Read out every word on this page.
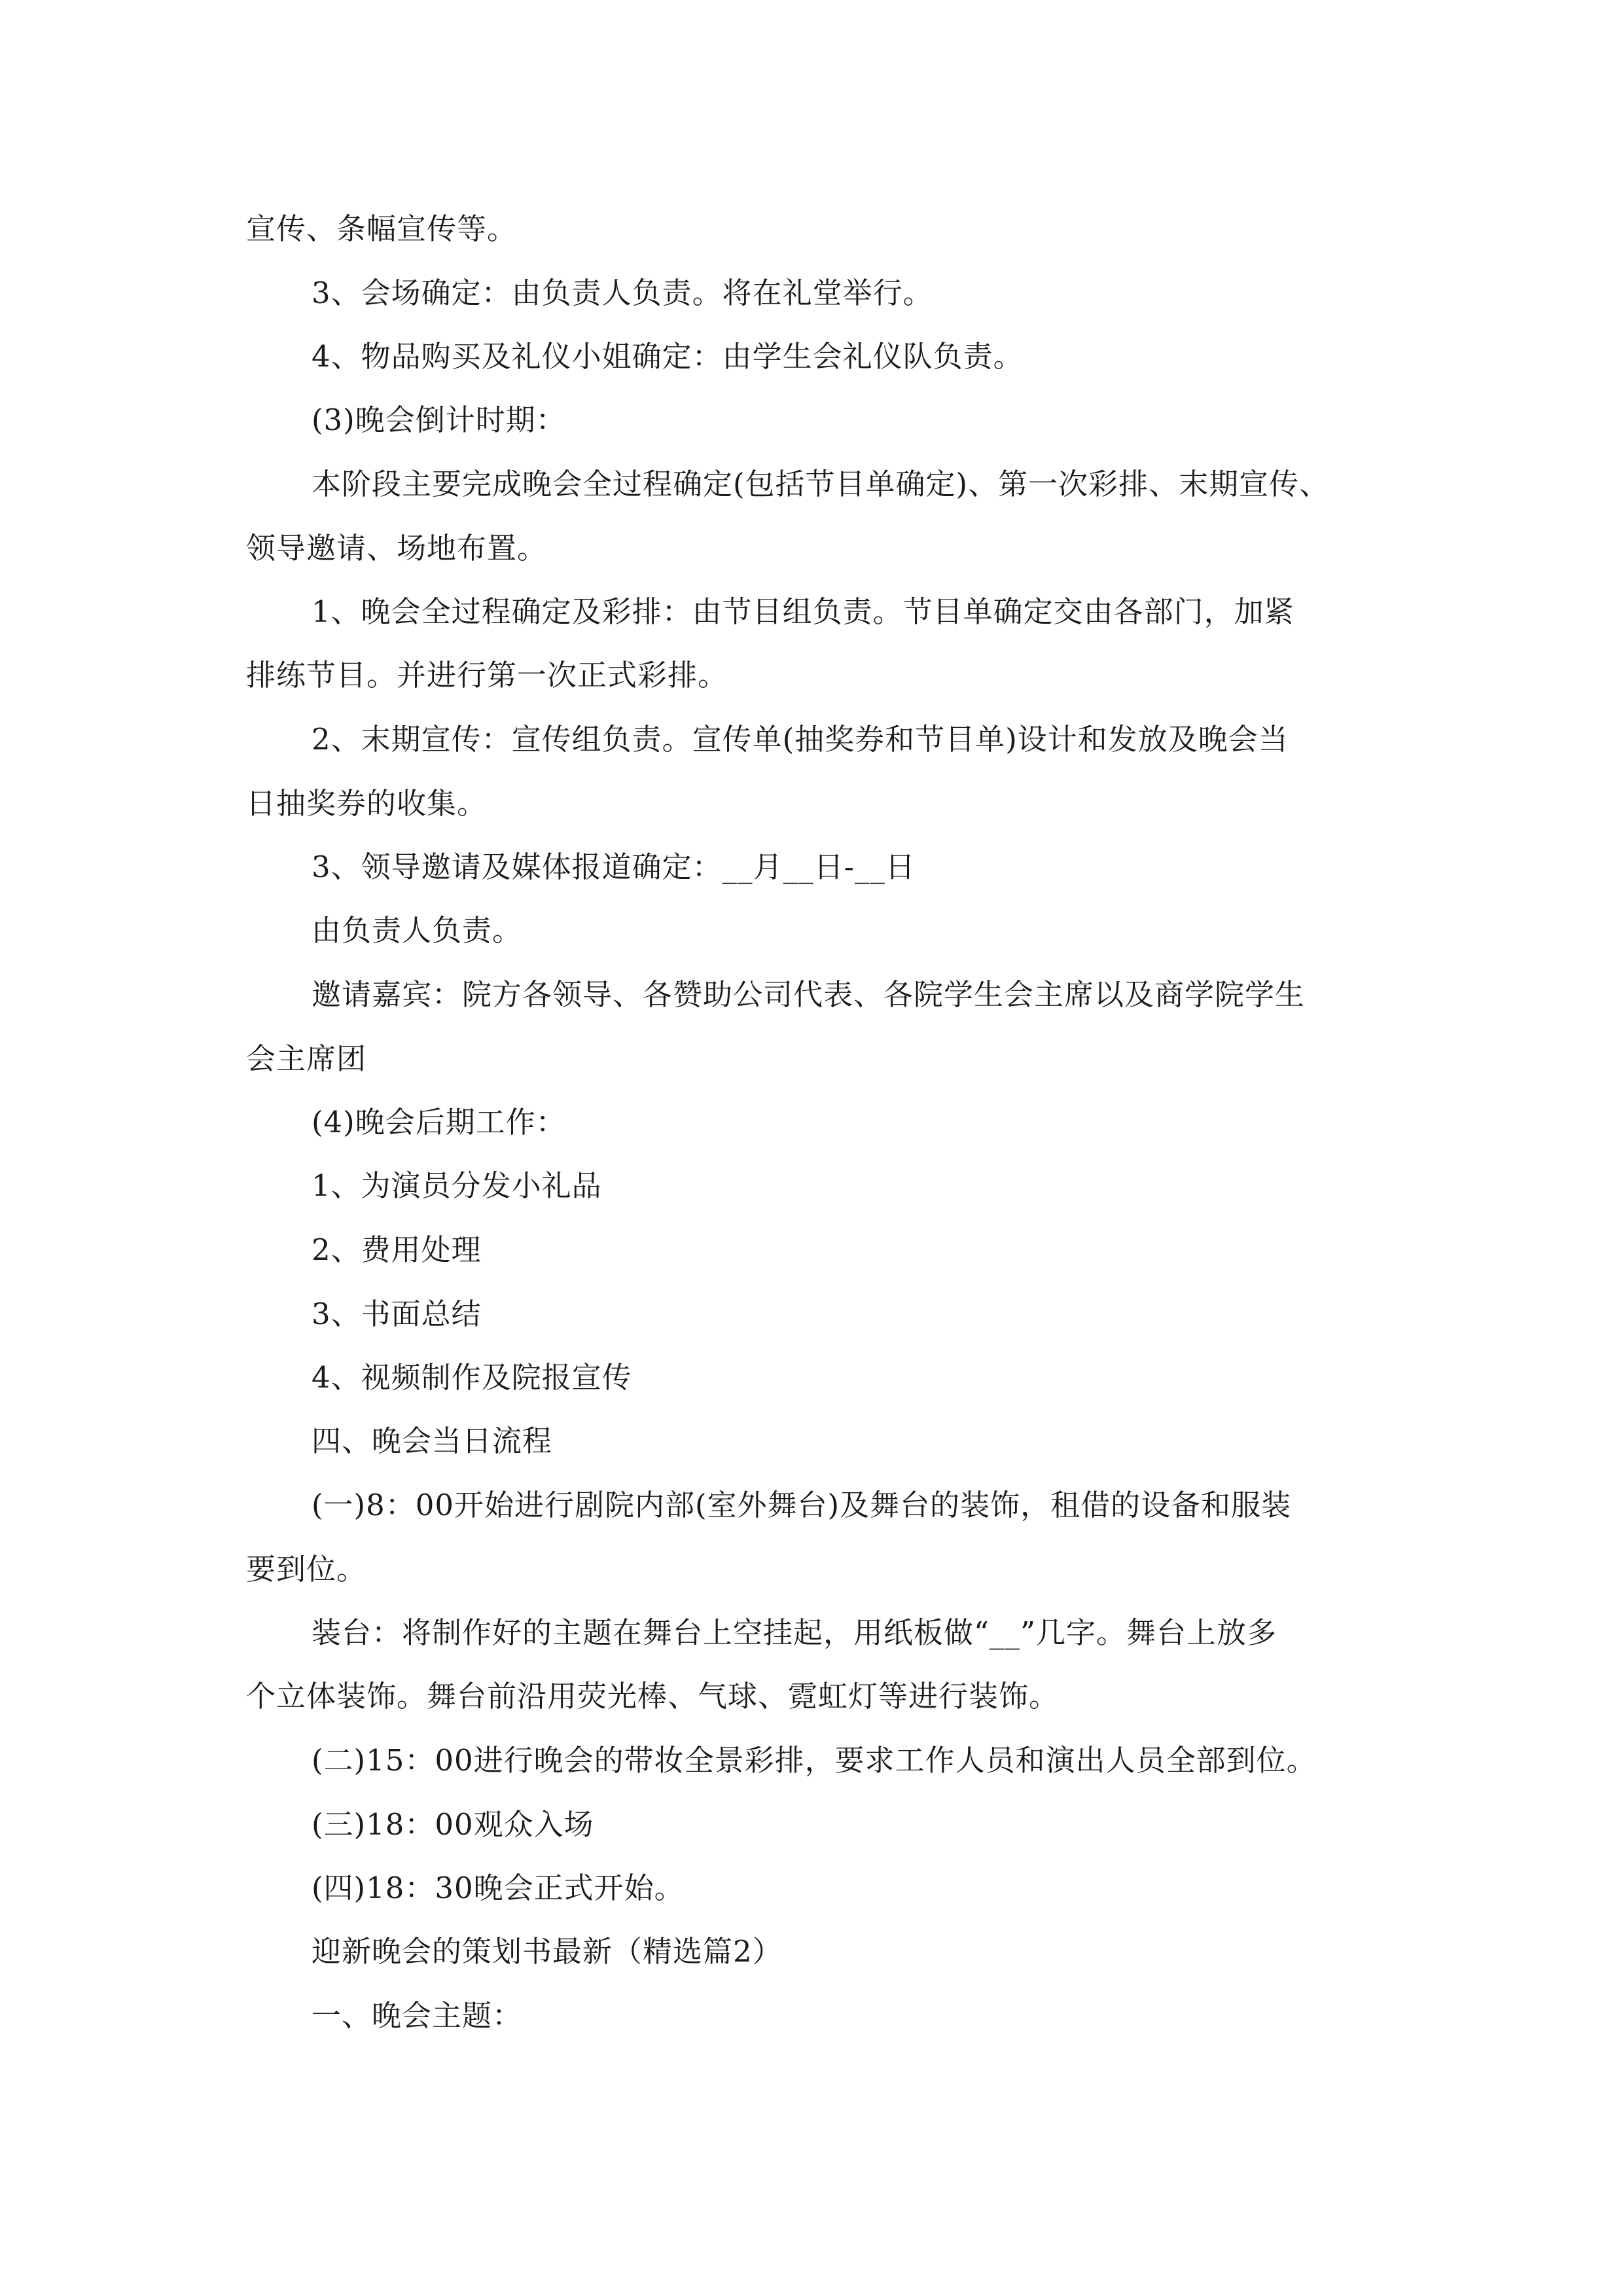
宣传、条幅宣传等。
3、会场确定：由负责人负责。将在礼堂举行。
4、物品购买及礼仪小姐确定：由学生会礼仪队负责。
(3)晚会倒计时期：
本阶段主要完成晚会全过程确定(包括节目单确定)、第一次彩排、末期宣传、
领导邀请、场地布置。
1、晚会全过程确定及彩排：由节目组负责。节目单确定交由各部门，加紧
排练节目。并进行第一次正式彩排。
2、末期宣传：宣传组负责。宣传单(抽奖券和节目单)设计和发放及晚会当
日抽奖券的收集。
3、领导邀请及媒体报道确定：__月__日-__日
由负责人负责。
邀请嘉宾：院方各领导、各赞助公司代表、各院学生会主席以及商学院学生
会主席团
(4)晚会后期工作：
1、为演员分发小礼品
2、费用处理
3、书面总结
4、视频制作及院报宣传
四、晚会当日流程
(一)8：00开始进行剧院内部(室外舞台)及舞台的装饰，租借的设备和服装
要到位。
装台：将制作好的主题在舞台上空挂起，用纸板做“__”几字。舞台上放多
个立体装饰。舞台前沿用荧光棒、气球、霓虹灯等进行装饰。
(二)15：00进行晚会的带妆全景彩排，要求工作人员和演出人员全部到位。
(三)18：00观众入场
(四)18：30晚会正式开始。
迎新晚会的策划书最新（精选篇2）
一、晚会主题：
